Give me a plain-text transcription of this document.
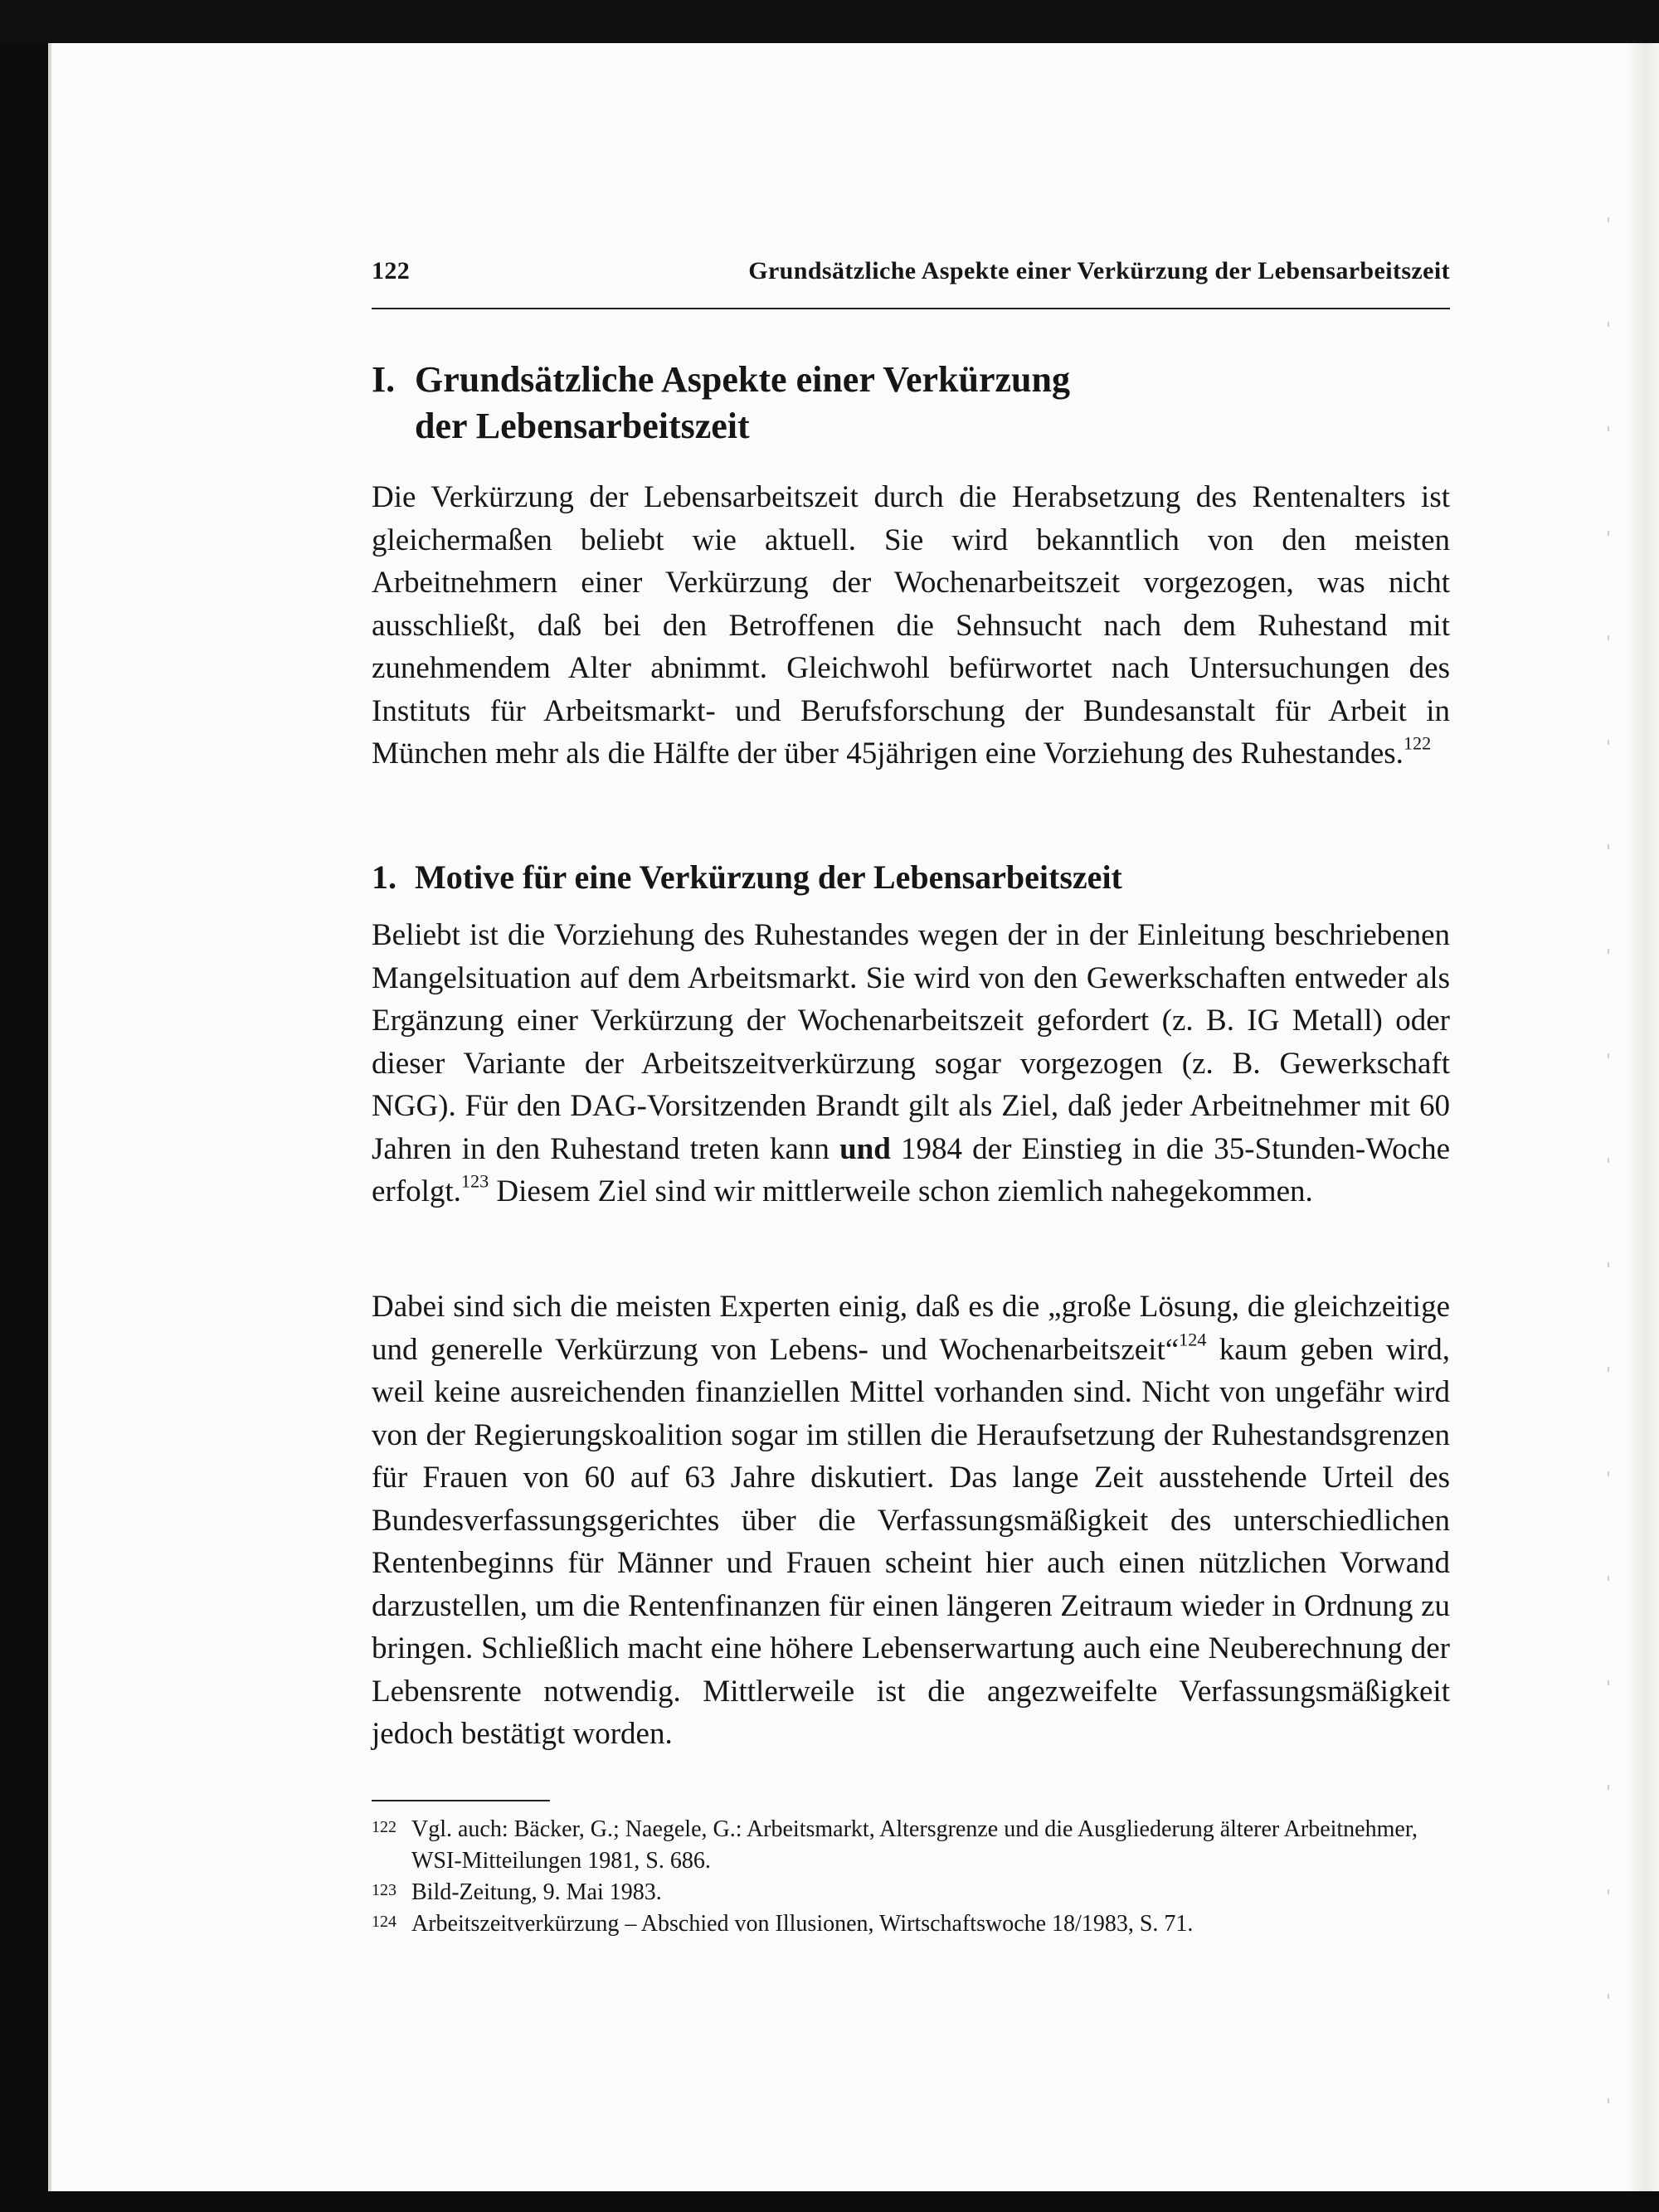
122	Grundsätzliche Aspekte einer Verkürzung der Lebensarbeitszeit
I. Grundsätzliche Aspekte einer Verkürzung
der Lebensarbeitszeit

Die Verkürzung der Lebensarbeitszeit durch die Herabsetzung des Rentenalters ist gleichermaßen beliebt wie aktuell. Sie wird bekanntlich von den meisten Arbeitnehmern einer Verkürzung der Wochenarbeitszeit vorgezogen, was nicht ausschließt, daß bei den Betroffenen die Sehnsucht nach dem Ruhestand mit zunehmendem Alter abnimmt. Gleichwohl befürwortet nach Untersuchungen des Instituts für Arbeitsmarkt- und Berufsforschung der Bundesanstalt für Arbeit in München mehr als die Hälfte der über 45jährigen eine Vorziehung des Ruhestandes.$^{122}$

1. Motive für eine Verkürzung der Lebensarbeitszeit

Beliebt ist die Vorziehung des Ruhestandes wegen der in der Einleitung beschriebenen Mangelsituation auf dem Arbeitsmarkt. Sie wird von den Gewerkschaften entweder als Ergänzung einer Verkürzung der Wochenarbeitszeit gefordert (z. B. IG Metall) oder dieser Variante der Arbeitszeitverkürzung sogar vorgezogen (z. B. Gewerkschaft NGG). Für den DAG-Vorsitzenden Brandt gilt als Ziel, daß jeder Arbeitnehmer mit 60 Jahren in den Ruhestand treten kann und 1984 der Einstieg in die 35-Stunden-Woche erfolgt.$^{123}$ Diesem Ziel sind wir mittlerweile schon ziemlich nahegekommen.

Dabei sind sich die meisten Experten einig, daß es die „große Lösung, die gleichzeitige und generelle Verkürzung von Lebens- und Wochenarbeitszeit“$^{124}$ kaum geben wird, weil keine ausreichenden finanziellen Mittel vorhanden sind. Nicht von ungefähr wird von der Regierungskoalition sogar im stillen die Heraufsetzung der Ruhestandsgrenzen für Frauen von 60 auf 63 Jahre diskutiert. Das lange Zeit ausstehende Urteil des Bundesverfassungsgerichtes über die Verfassungsmäßigkeit des unterschiedlichen Rentenbeginns für Männer und Frauen scheint hier auch einen nützlichen Vorwand darzustellen, um die Rentenfinanzen für einen längeren Zeitraum wieder in Ordnung zu bringen. Schließlich macht eine höhere Lebenserwartung auch eine Neuberechnung der Lebensrente notwendig. Mittlerweile ist die angezweifelte Verfassungsmäßigkeit jedoch bestätigt worden.

122 Vgl. auch: Bäcker, G.; Naegele, G.: Arbeitsmarkt, Altersgrenze und die Ausgliederung älterer Arbeitnehmer, WSI-Mitteilungen 1981, S. 686.
123 Bild-Zeitung, 9. Mai 1983.
124 Arbeitszeitverkürzung – Abschied von Illusionen, Wirtschaftswoche 18/1983, S. 71.
